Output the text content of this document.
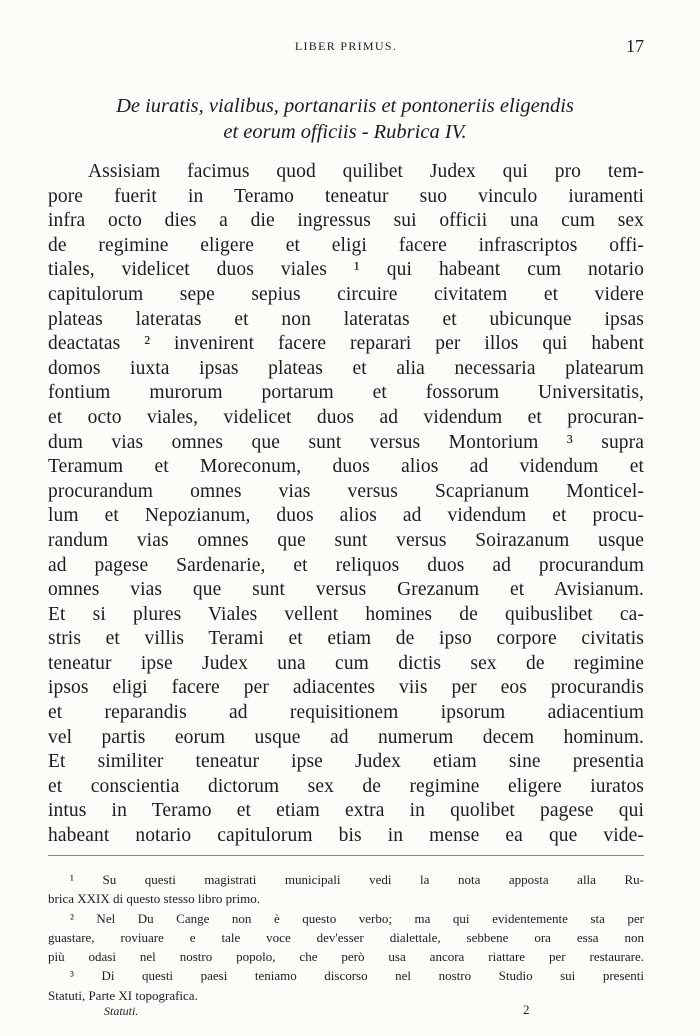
LIBER PRIMUS.	17
De iuratis, vialibus, portanariis et pontoneriis eligendis
et eorum officiis - Rubrica IV.
Assisiam facimus quod quilibet Judex qui pro tem-
pore fuerit in Teramo teneatur suo vinculo iuramenti
infra octo dies a die ingressus sui officii una cum sex
de regimine eligere et eligi facere infrascriptos offi-
tiales, videlicet duos viales ¹ qui habeant cum notario
capitulorum sepe sepius circuire civitatem et videre
plateas lateratas et non lateratas et ubicunque ipsas
deactatas ² invenirent facere reparari per illos qui habent
domos iuxta ipsas plateas et alia necessaria platearum
fontium murorum portarum et fossorum Universitatis,
et octo viales, videlicet duos ad videndum et procuran-
dum vias omnes que sunt versus Montorium ³ supra
Teramum et Moreconum, duos alios ad videndum et
procurandum omnes vias versus Scaprianum Monticel-
lum et Nepozianum, duos alios ad videndum et procu-
randum vias omnes que sunt versus Soirazanum usque
ad pagese Sardenarie, et reliquos duos ad procurandum
omnes vias que sunt versus Grezanum et Avisianum.
Et si plures Viales vellent homines de quibuslibet ca-
stris et villis Terami et etiam de ipso corpore civitatis
teneatur ipse Judex una cum dictis sex de regimine
ipsos eligi facere per adiacentes viis per eos procurandis
et reparandis ad requisitionem ipsorum adiacentium
vel partis eorum usque ad numerum decem hominum.
Et similiter teneatur ipse Judex etiam sine presentia
et conscientia dictorum sex de regimine eligere iuratos
intus in Teramo et etiam extra in quolibet pagese qui
habeant notario capitulorum bis in mense ea que vide-
¹ Su questi magistrati municipali vedi la nota apposta alla Ru-
brica XXIX di questo stesso libro primo.
² Nel Du Cange non è questo verbo; ma qui evidentemente sta per
guastare, roviuare e tale voce dev'esser dialettale, sebbene ora essa non
più odasi nel nostro popolo, che però usa ancora riattare per restaurare.
³ Di questi paesi teniamo discorso nel nostro Studio sui presenti
Statuti, Parte XI topografica.
Statuti.	2
